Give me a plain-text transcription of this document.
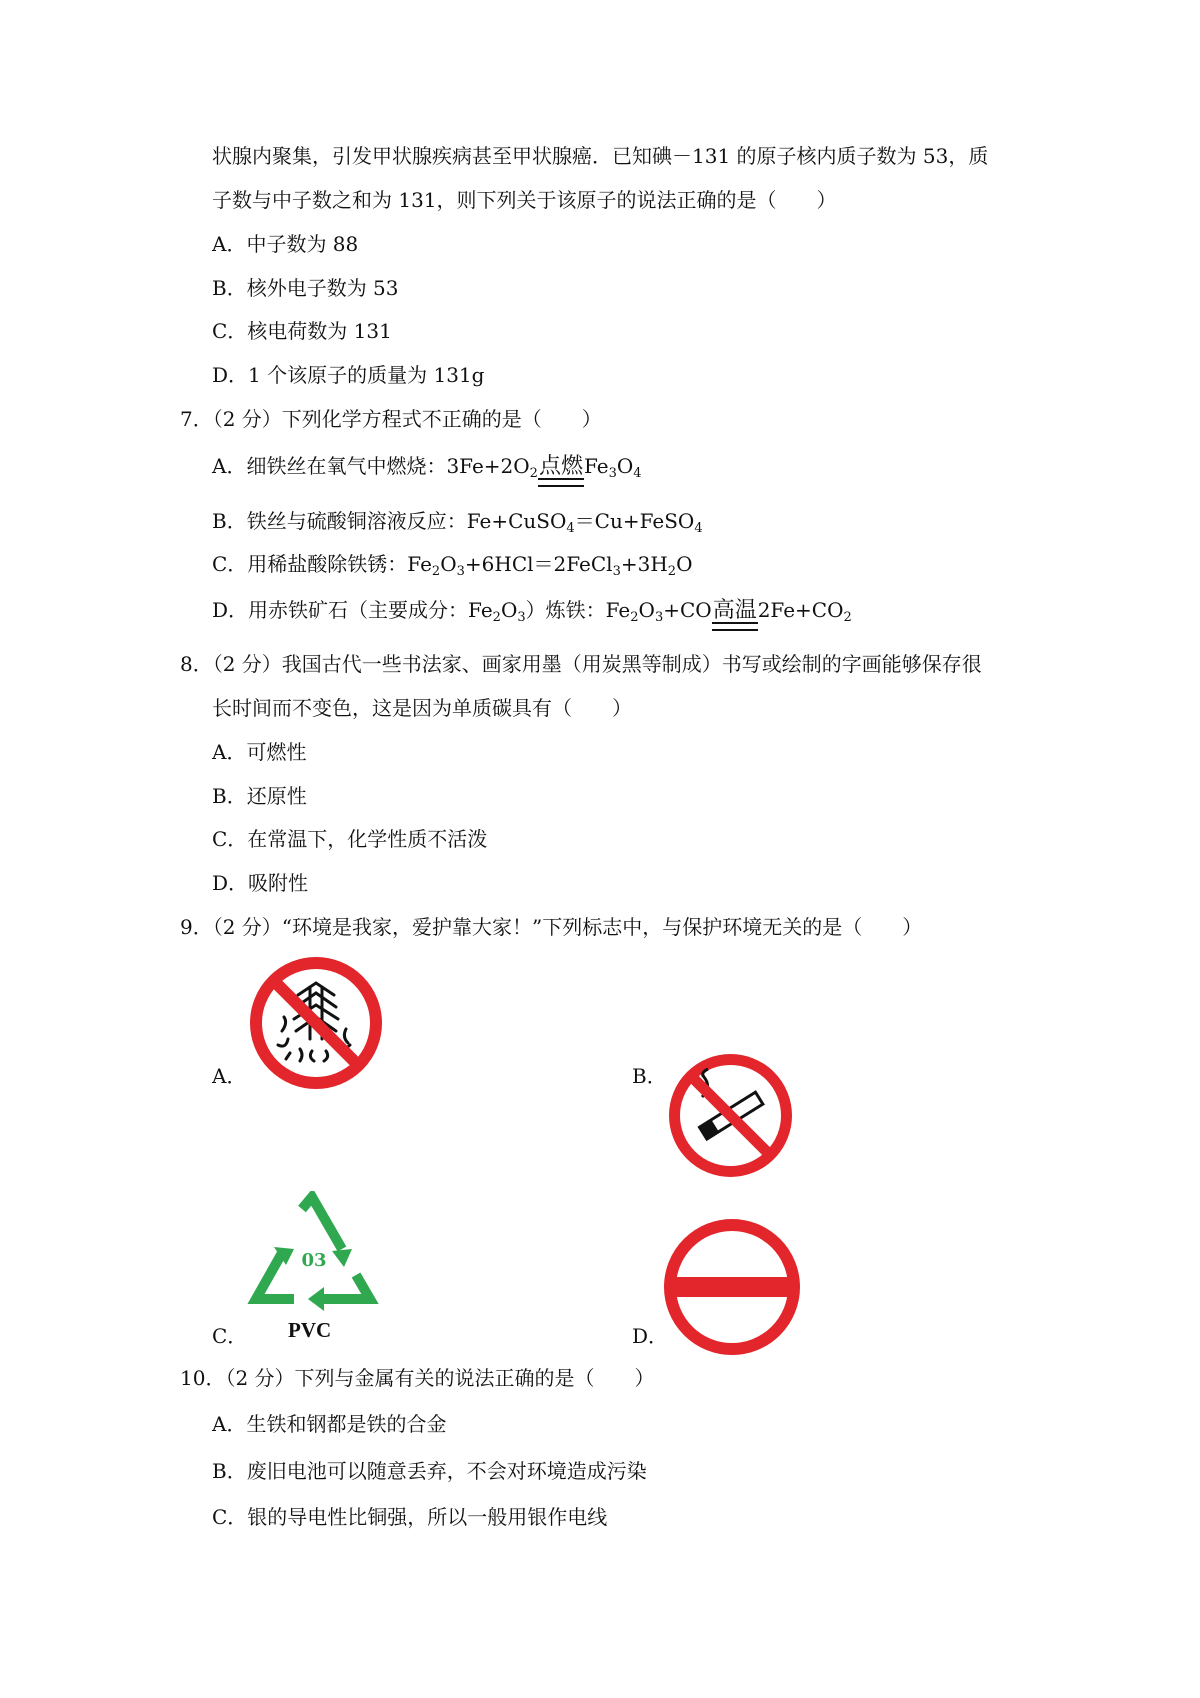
状腺内聚集，引发甲状腺疾病甚至甲状腺癌．已知碘－131 的原子核内质子数为 53，质
子数与中子数之和为 131，则下列关于该原子的说法正确的是（　　）
A．中子数为 88
B．核外电子数为 53
C．核电荷数为 131
D．1 个该原子的质量为 131g
7．（2 分）下列化学方程式不正确的是（　　）
A．细铁丝在氧气中燃烧：$3Fe+2O_2$点燃$Fe_3O_4$
B．铁丝与硫酸铜溶液反应：Fe+CuSO$_4$＝Cu+FeSO$_4$
C．用稀盐酸除铁锈：$Fe_2O_3+6HCl=2FeCl_3+3H_2O$
D．用赤铁矿石（主要成分：$Fe_2O_3$）炼铁：$Fe_2O_3+CO$高温$2Fe+CO_2$
8．（2 分）我国古代一些书法家、画家用墨（用炭黑等制成）书写或绘制的字画能够保存很
长时间而不变色，这是因为单质碳具有（　　）
A．可燃性
B．还原性
C．在常温下，化学性质不活泼
D．吸附性
9．（2 分）“环境是我家，爱护靠大家！”下列标志中，与保护环境无关的是（　　）
A．	B．
C．
03
PVC	D．
10．（2 分）下列与金属有关的说法正确的是（　　）
A．生铁和钢都是铁的合金
B．废旧电池可以随意丢弃，不会对环境造成污染
C．银的导电性比铜强，所以一般用银作电线
